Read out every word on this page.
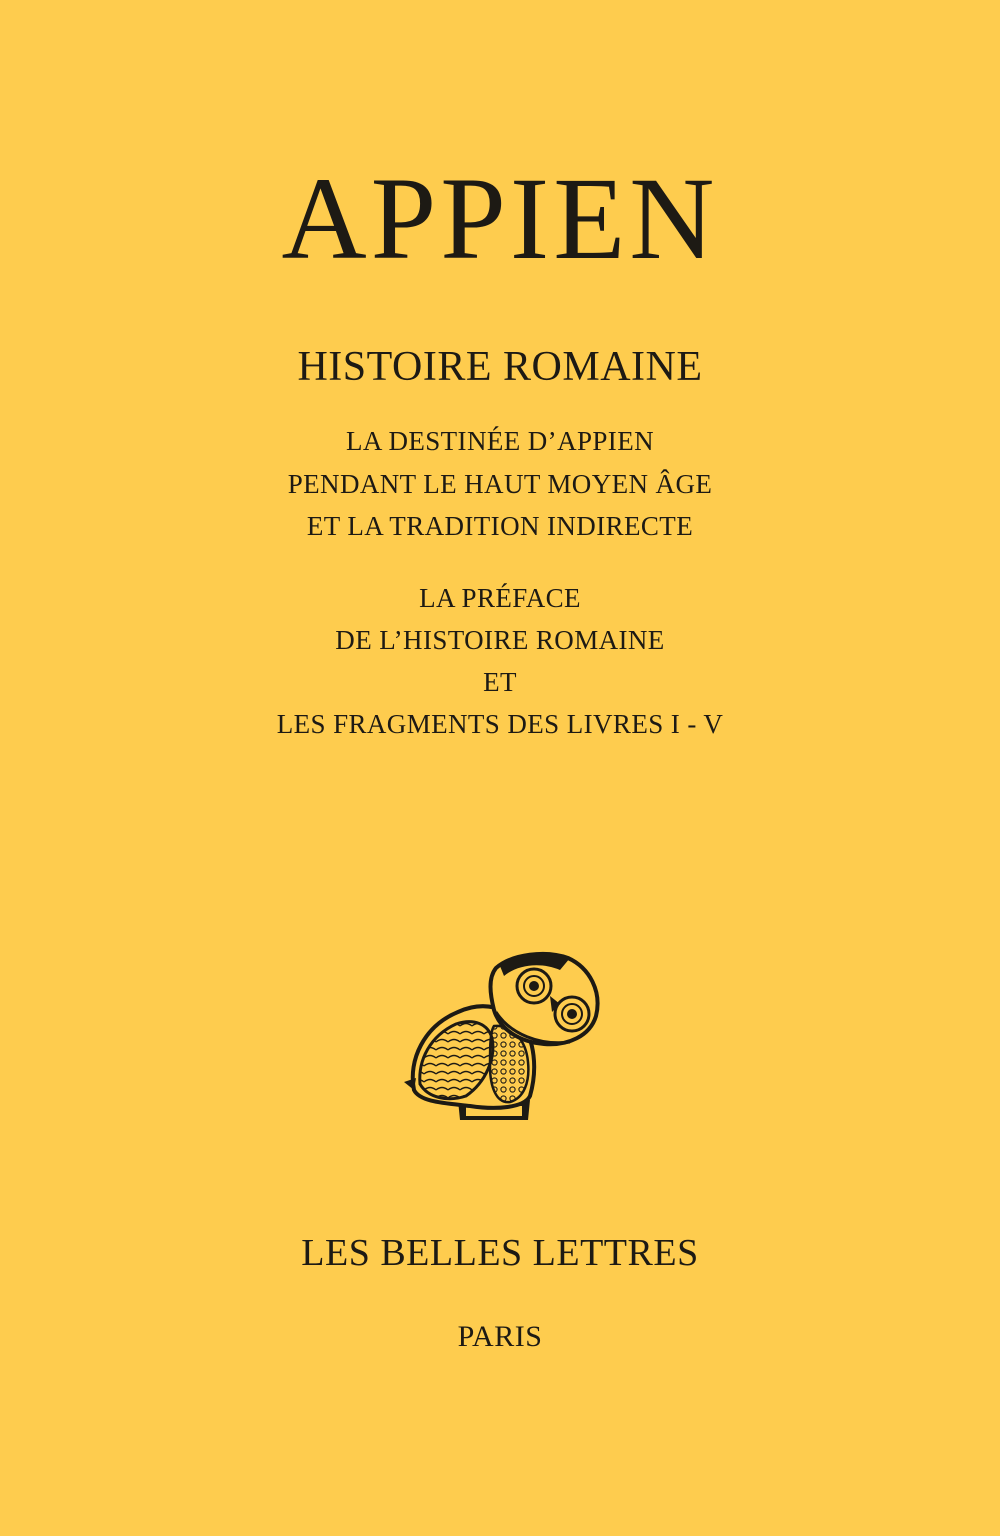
APPIEN
HISTOIRE ROMAINE
LA DESTINÉE D’APPIEN
PENDANT LE HAUT MOYEN ÂGE
ET LA TRADITION INDIRECTE
LA PRÉFACE
DE L’HISTOIRE ROMAINE
ET
LES FRAGMENTS DES LIVRES I - V
LES BELLES LETTRES
PARIS
